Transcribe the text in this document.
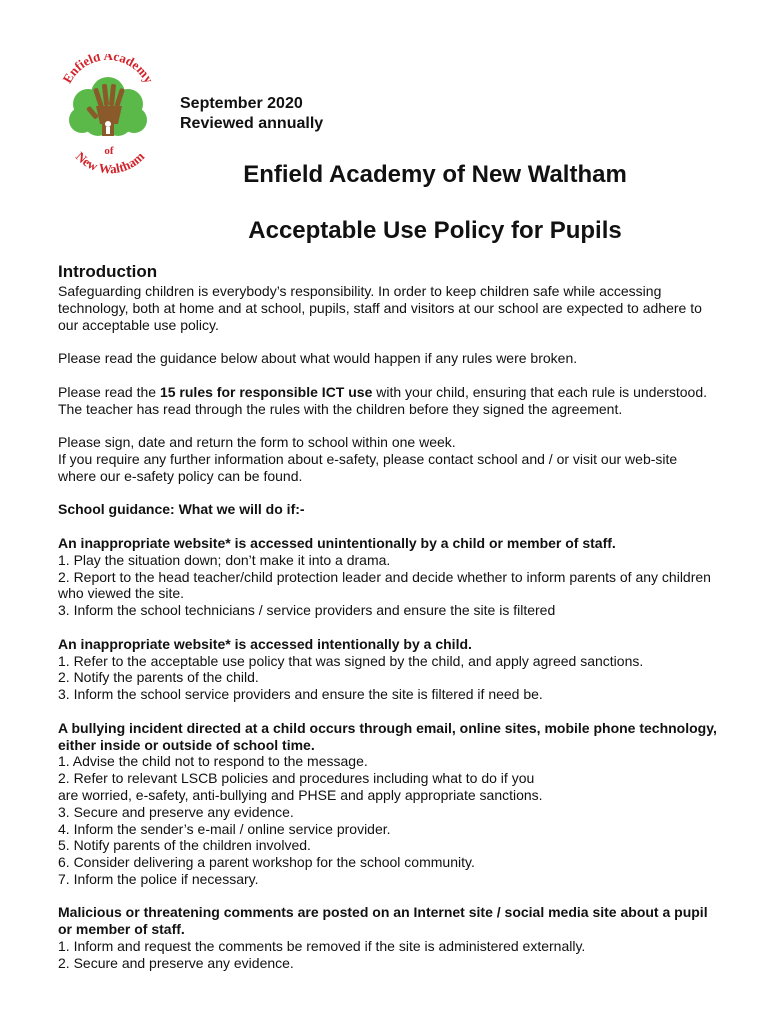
Enfield Academy
of
New Waltham
September 2020
Reviewed annually
Enfield Academy of New Waltham
Acceptable Use Policy for Pupils
Introduction

Safeguarding children is everybody’s responsibility. In order to keep children safe while accessing technology, both at home and at school, pupils, staff and visitors at our school are expected to adhere to our acceptable use policy.

Please read the guidance below about what would happen if any rules were broken.

Please read the 15 rules for responsible ICT use with your child, ensuring that each rule is understood. The teacher has read through the rules with the children before they signed the agreement.

Please sign, date and return the form to school within one week.

If you require any further information about e-safety, please contact school and / or visit our web-site where our e-safety policy can be found.

School guidance: What we will do if:-

An inappropriate website* is accessed unintentionally by a child or member of staff.

1. Play the situation down; don’t make it into a drama.
2. Report to the head teacher/child protection leader and decide whether to inform parents of any children who viewed the site.
3. Inform the school technicians / service providers and ensure the site is filtered

An inappropriate website* is accessed intentionally by a child.

1. Refer to the acceptable use policy that was signed by the child, and apply agreed sanctions.
2. Notify the parents of the child.
3. Inform the school service providers and ensure the site is filtered if need be.

A bullying incident directed at a child occurs through email, online sites, mobile phone technology, either inside or outside of school time.

1. Advise the child not to respond to the message.
2. Refer to relevant LSCB policies and procedures including what to do if you
are worried, e-safety, anti-bullying and PHSE and apply appropriate sanctions.
3. Secure and preserve any evidence.
4. Inform the sender’s e-mail / online service provider.
5. Notify parents of the children involved.
6. Consider delivering a parent workshop for the school community.
7. Inform the police if necessary.

Malicious or threatening comments are posted on an Internet site / social media site about a pupil or member of staff.

1. Inform and request the comments be removed if the site is administered externally.
2. Secure and preserve any evidence.
